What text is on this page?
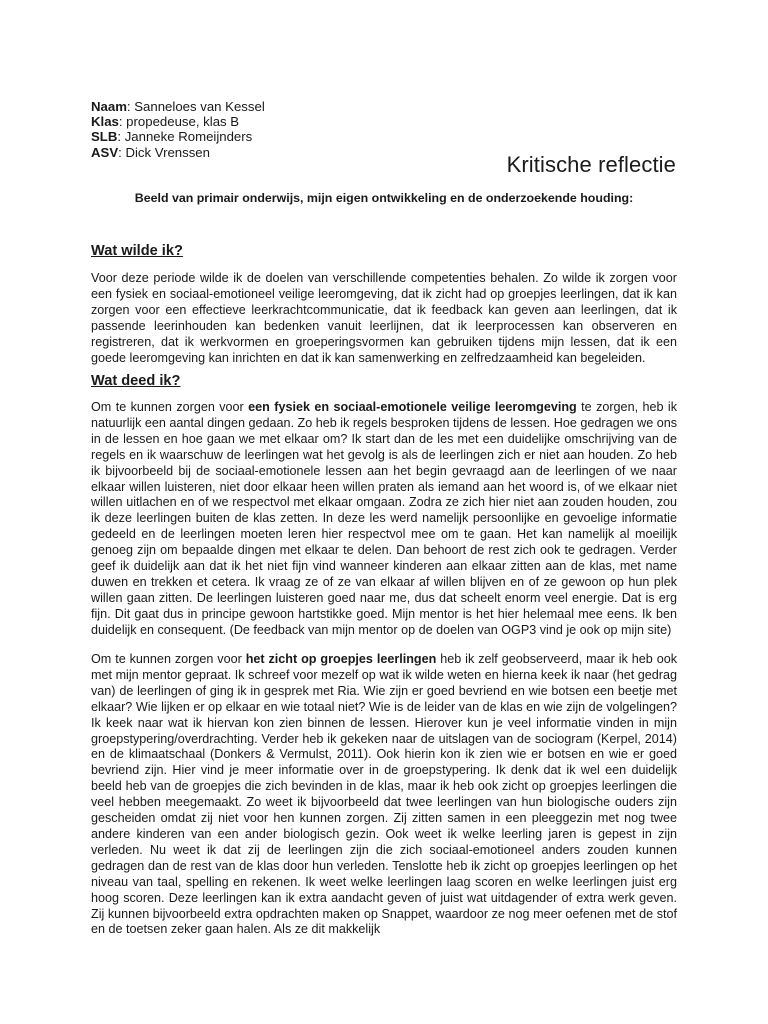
Naam: Sanneloes van Kessel
Klas: propedeuse, klas B
SLB: Janneke Romeijnders
ASV: Dick Vrenssen	Kritische reflectie

Beeld van primair onderwijs, mijn eigen ontwikkeling en de onderzoekende houding:

Wat wilde ik?

Voor deze periode wilde ik de doelen van verschillende competenties behalen. Zo wilde ik zorgen voor een fysiek en sociaal-emotioneel veilige leeromgeving, dat ik zicht had op groepjes leerlingen, dat ik kan zorgen voor een effectieve leerkrachtcommunicatie, dat ik feedback kan geven aan leerlingen, dat ik passende leerinhouden kan bedenken vanuit leerlijnen, dat ik leerprocessen kan observeren en registreren, dat ik werkvormen en groeperingsvormen kan gebruiken tijdens mijn lessen, dat ik een goede leeromgeving kan inrichten en dat ik kan samenwerking en zelfredzaamheid kan begeleiden.

Wat deed ik?

Om te kunnen zorgen voor een fysiek en sociaal-emotionele veilige leeromgeving te zorgen, heb ik natuurlijk een aantal dingen gedaan. Zo heb ik regels besproken tijdens de lessen. Hoe gedragen we ons in de lessen en hoe gaan we met elkaar om? Ik start dan de les met een duidelijke omschrijving van de regels en ik waarschuw de leerlingen wat het gevolg is als de leerlingen zich er niet aan houden. Zo heb ik bijvoorbeeld bij de sociaal-emotionele lessen aan het begin gevraagd aan de leerlingen of we naar elkaar willen luisteren, niet door elkaar heen willen praten als iemand aan het woord is, of we elkaar niet willen uitlachen en of we respectvol met elkaar omgaan. Zodra ze zich hier niet aan zouden houden, zou ik deze leerlingen buiten de klas zetten. In deze les werd namelijk persoonlijke en gevoelige informatie gedeeld en de leerlingen moeten leren hier respectvol mee om te gaan. Het kan namelijk al moeilijk genoeg zijn om bepaalde dingen met elkaar te delen. Dan behoort de rest zich ook te gedragen. Verder geef ik duidelijk aan dat ik het niet fijn vind wanneer kinderen aan elkaar zitten aan de klas, met name duwen en trekken et cetera. Ik vraag ze of ze van elkaar af willen blijven en of ze gewoon op hun plek willen gaan zitten. De leerlingen luisteren goed naar me, dus dat scheelt enorm veel energie. Dat is erg fijn. Dit gaat dus in principe gewoon hartstikke goed. Mijn mentor is het hier helemaal mee eens. Ik ben duidelijk en consequent. (De feedback van mijn mentor op de doelen van OGP3 vind je ook op mijn site)

Om te kunnen zorgen voor het zicht op groepjes leerlingen heb ik zelf geobserveerd, maar ik heb ook met mijn mentor gepraat. Ik schreef voor mezelf op wat ik wilde weten en hierna keek ik naar (het gedrag van) de leerlingen of ging ik in gesprek met Ria. Wie zijn er goed bevriend en wie botsen een beetje met elkaar? Wie lijken er op elkaar en wie totaal niet? Wie is de leider van de klas en wie zijn de volgelingen? Ik keek naar wat ik hiervan kon zien binnen de lessen. Hierover kun je veel informatie vinden in mijn groepstypering/overdrachting. Verder heb ik gekeken naar de uitslagen van de sociogram (Kerpel, 2014) en de klimaatschaal (Donkers & Vermulst, 2011). Ook hierin kon ik zien wie er botsen en wie er goed bevriend zijn. Hier vind je meer informatie over in de groepstypering. Ik denk dat ik wel een duidelijk beeld heb van de groepjes die zich bevinden in de klas, maar ik heb ook zicht op groepjes leerlingen die veel hebben meegemaakt. Zo weet ik bijvoorbeeld dat twee leerlingen van hun biologische ouders zijn gescheiden omdat zij niet voor hen kunnen zorgen. Zij zitten samen in een pleeggezin met nog twee andere kinderen van een ander biologisch gezin. Ook weet ik welke leerling jaren is gepest in zijn verleden. Nu weet ik dat zij de leerlingen zijn die zich sociaal-emotioneel anders zouden kunnen gedragen dan de rest van de klas door hun verleden. Tenslotte heb ik zicht op groepjes leerlingen op het niveau van taal, spelling en rekenen. Ik weet welke leerlingen laag scoren en welke leerlingen juist erg hoog scoren. Deze leerlingen kan ik extra aandacht geven of juist wat uitdagender of extra werk geven. Zij kunnen bijvoorbeeld extra opdrachten maken op Snappet, waardoor ze nog meer oefenen met de stof en de toetsen zeker gaan halen. Als ze dit makkelijk
